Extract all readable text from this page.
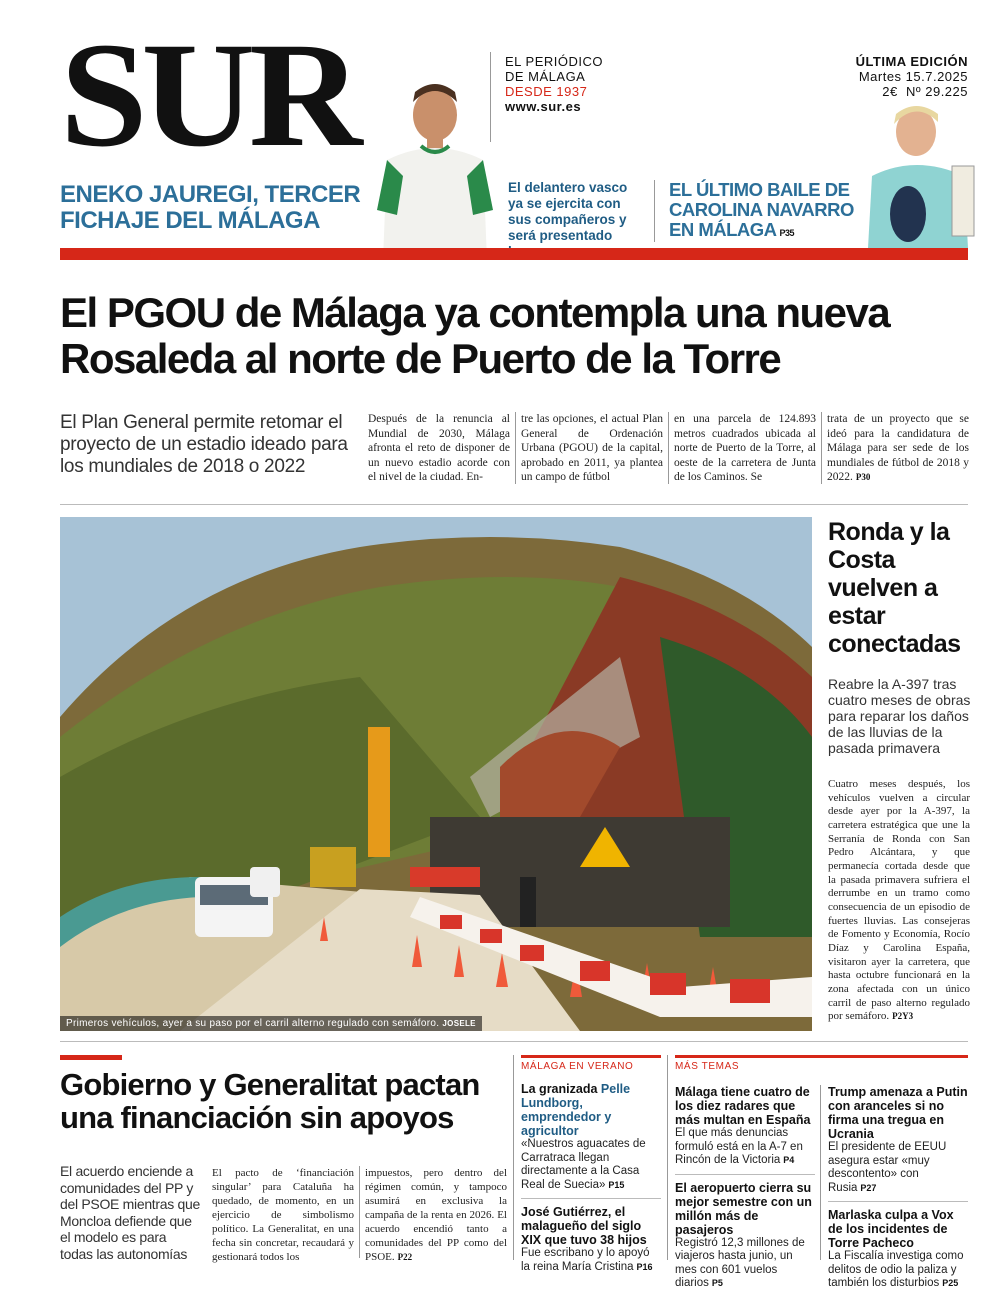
SUR	EL PERIÓDICO
DE MÁLAGA
DESDE 1937
www.sur.es
ÚLTIMA EDICIÓN
Martes 15.7.2025
2€ Nº 29.225
ENEKO JAUREGI, TERCER FICHAJE DEL MÁLAGA
El delantero vasco ya se ejercita con sus compañeros y será presentado
EL ÚLTIMO BAILE DE CAROLINA NAVARRO EN MÁLAGA P35
El PGOU de Málaga ya contempla una nueva Rosaleda al norte de Puerto de la Torre
El Plan General permite retomar el proyecto de un estadio ideado para los mundiales de 2018 o 2022
Después de la renuncia al Mundial de 2030, Málaga afronta el reto de disponer de un nuevo estadio acorde con el nivel de la ciudad. En-
tre las opciones, el actual Plan General de Ordenación Urbana (PGOU) de la capital, aprobado en 2011, ya plantea un campo de fútbol
en una parcela de 124.893 metros cuadrados ubicada al norte de Puerto de la Torre, al oeste de la carretera de Junta de los Caminos. Se
trata de un proyecto que se ideó para la candidatura de Málaga para ser sede de los mundiales de fútbol de 2018 y 2022. P30
Primeros vehículos, ayer a su paso por el carril alterno regulado con semáforo. JOSELE
Ronda y la Costa vuelven a estar conectadas
Reabre la A-397 tras cuatro meses de obras para reparar los daños de las lluvias de la pasada primavera
Cuatro meses después, los vehículos vuelven a circular desde ayer por la A-397, la carretera estratégica que une la Serranía de Ronda con San Pedro Alcántara, y que permanecía cortada desde que la pasada primavera sufriera el derrumbe en un tramo como consecuencia de un episodio de fuertes lluvias. Las consejeras de Fomento y Economía, Rocío Díaz y Carolina España, visitaron ayer la carretera, que hasta octubre funcionará en la zona afectada con un único carril de paso alterno regulado por semáforo. P2Y3
Gobierno y Generalitat pactan una financiación sin apoyos
El acuerdo enciende a comunidades del PP y del PSOE mientras que Moncloa defiende que el modelo es para todas las autonomías
El pacto de ‘financiación singular’ para Cataluña ha quedado, de momento, en un ejercicio de simbolismo político. La Generalitat, en una fecha sin concretar, recaudará y gestionará todos los
impuestos, pero dentro del régimen común, y tampoco asumirá en exclusiva la campaña de la renta en 2026. El acuerdo encendió tanto a comunidades del PP como del PSOE. P22
MÁLAGA EN VERANO
La granizada Pelle Lundborg, emprendedor y agricultor
«Nuestros aguacates de Carratraca llegan directamente a la Casa Real de Suecia» P15
José Gutiérrez, el malagueño del siglo XIX que tuvo 38 hijos
Fue escribano y lo apoyó la reina María Cristina P16
MÁS TEMAS
Málaga tiene cuatro de los diez radares que más multan en España
El que más denuncias formuló está en la A-7 en Rincón de la Victoria P4
El aeropuerto cierra su mejor semestre con un millón más de pasajeros
Registró 12,3 millones de viajeros hasta junio, un mes con 601 vuelos diarios P5
Trump amenaza a Putin con aranceles si no firma una tregua en Ucrania
El presidente de EEUU asegura estar «muy descontento» con Rusia P27
Marlaska culpa a Vox de los incidentes de Torre Pacheco
La Fiscalía investiga como delitos de odio la paliza y también los disturbios P25
